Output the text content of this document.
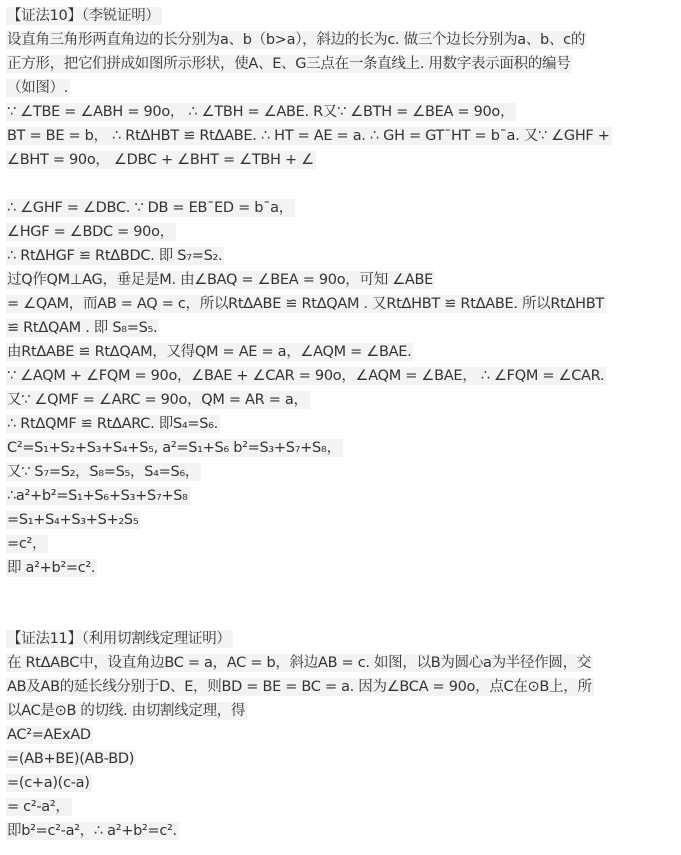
【证法10】（李锐证明）
设直角三角形两直角边的长分别为a、b（b>a），斜边的长为c. 做三个边长分别为a、b、c的
正方形，把它们拼成如图所示形状，使A、E、G三点在一条直线上. 用数字表示面积的编号
（如图）.
∵ ∠TBE = ∠ABH = 90o， ∴ ∠TBH = ∠ABE. R又∵ ∠BTH = ∠BEA = 90o，
BT = BE = b， ∴ RtΔHBT ≌ RtΔABE. ∴ HT = AE = a. ∴ GH = GT¯HT = b¯a. 又∵ ∠GHF +
∠BHT = 90o， ∠DBC + ∠BHT = ∠TBH + ∠
∴ ∠GHF = ∠DBC. ∵ DB = EB¯ED = b¯a，
∠HGF = ∠BDC = 90o，
∴ RtΔHGF ≌ RtΔBDC. 即 S₇=S₂.
过Q作QM⊥AG，垂足是M. 由∠BAQ = ∠BEA = 90o，可知 ∠ABE
= ∠QAM，而AB = AQ = c，所以RtΔABE ≌ RtΔQAM . 又RtΔHBT ≌ RtΔABE. 所以RtΔHBT
≌ RtΔQAM . 即 S₈=S₅.
由RtΔABE ≌ RtΔQAM，又得QM = AE = a，∠AQM = ∠BAE.
∵ ∠AQM + ∠FQM = 90o，∠BAE + ∠CAR = 90o，∠AQM = ∠BAE， ∴ ∠FQM = ∠CAR.
又∵ ∠QMF = ∠ARC = 90o，QM = AR = a，
∴ RtΔQMF ≌ RtΔARC. 即S₄=S₆.
C²=S₁+S₂+S₃+S₄+S₅, a²=S₁+S₆ b²=S₃+S₇+S₈，
又∵ S₇=S₂，S₈=S₅，S₄=S₆，
∴a²+b²=S₁+S₆+S₃+S₇+S₈
=S₁+S₄+S₃+S+₂S₅
=c²，
即 a²+b²=c².
【证法11】（利用切割线定理证明）
在 RtΔABC中，设直角边BC = a，AC = b，斜边AB = c. 如图，以B为圆心a为半径作圆，交
AB及AB的延长线分别于D、E，则BD = BE = BC = a. 因为∠BCA = 90o，点C在⊙B上，所
以AC是⊙B 的切线. 由切割线定理，得
AC²=AExAD
=(AB+BE)(AB-BD)
=(c+a)(c-a)
= c²-a²，
即b²=c²-a²，∴ a²+b²=c².
